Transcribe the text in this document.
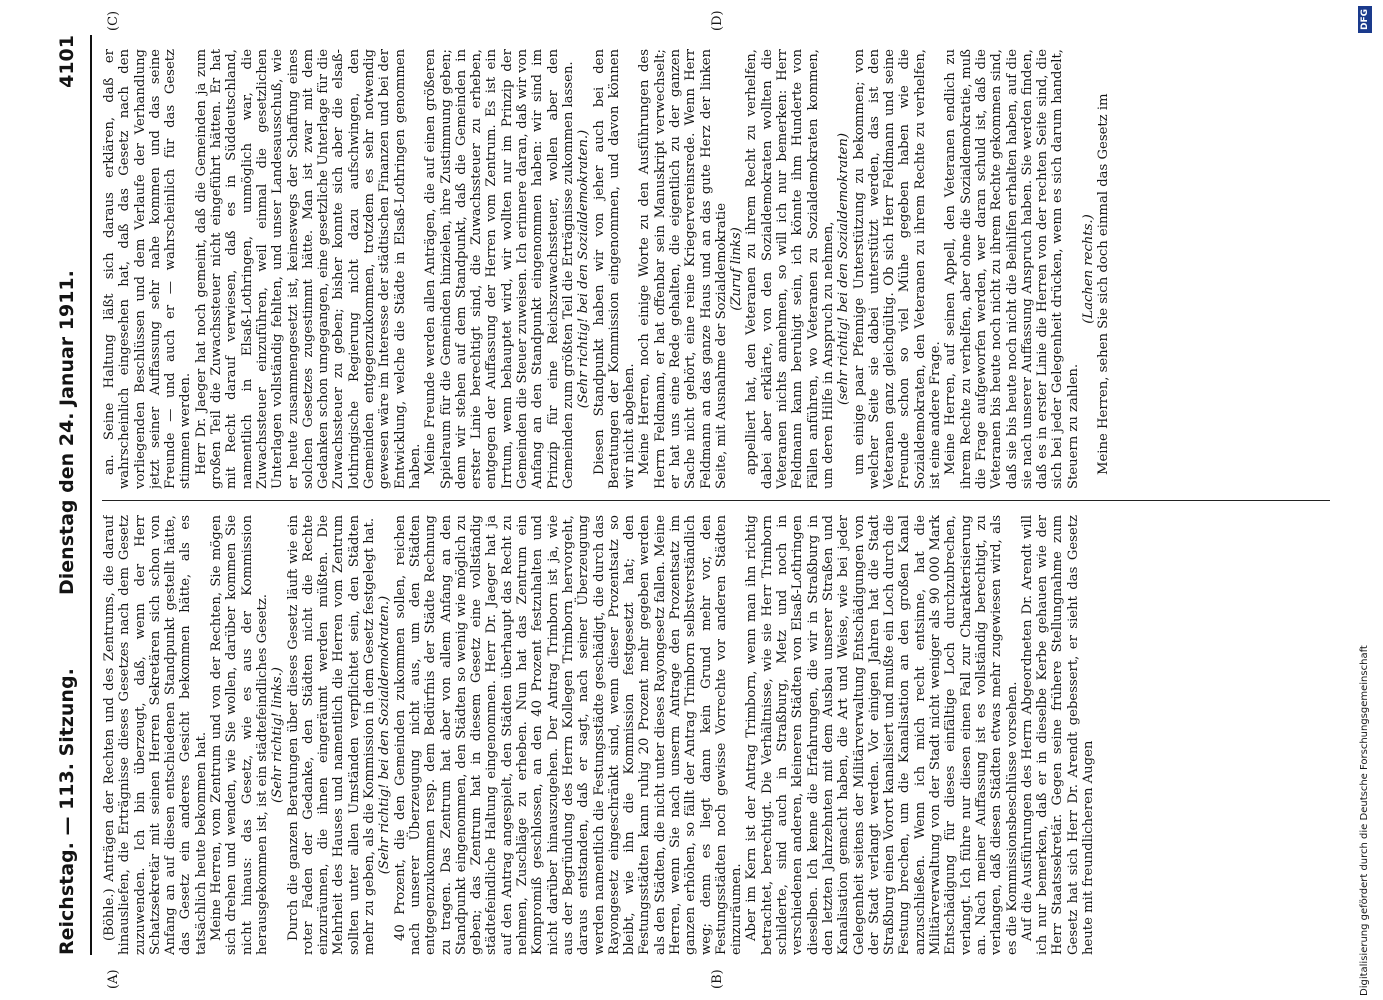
Reichstag. — 113. Sitzung.
Dienstag den 24. Januar 1911.
4101

(Böhle.) Anträgen der Rechten und des Zentrums, die darauf hinausliefen, die Erträgnisse dieses Gesetzes nach dem Gesetz zuzuwenden. Ich bin überzeugt, daß, wenn der Herr Schatzsekretär mit seinen Herren Sekretären sich schon von Anfang an auf diesen entschiedenen Standpunkt gestellt hätte, das Gesetz ein anderes Gesicht bekommen hätte, als es tatsächlich heute bekommen hat. Meine Herren, vom Zentrum und von der Rechten, Sie mögen sich drehen und wenden, wie Sie wollen, darüber kommen Sie nicht hinaus: das Gesetz, wie es aus der Kommission herausgekommen ist, ist ein städtefeindliches Gesetz. (Sehr richtig! links.) Durch die ganzen Beratungen über dieses Gesetz läuft wie ein roter Faden der Gedanke, den Städten nicht die Rechte einzuräumen, die ihnen eingeräumt werden müßten. Die Mehrheit des Hauses und namentlich die Herren vom Zentrum sollten unter allen Umständen verpflichtet sein, den Städten mehr zu geben, als die Kommission in dem Gesetz festgelegt hat. (Sehr richtig! bei den Sozialdemokraten.) 40 Prozent, die den Gemeinden zukommen sollen, reichen nach unserer Überzeugung nicht aus, um den Städten entgegenzukommen resp. dem Bedürfnis der Städte Rechnung zu tragen. Das Zentrum hat aber von allem Anfang an den Standpunkt eingenommen, den Städten so wenig wie möglich zu geben; das Zentrum hat in diesem Gesetz eine vollständig städtefeindliche Haltung eingenommen. Herr Dr. Jaeger hat ja auf den Antrag angespielt, den Städten überhaupt das Recht zu nehmen, Zuschläge zu erheben. Nun hat das Zentrum ein Kompromiß geschlossen, an den 40 Prozent festzuhalten und nicht darüber hinauszugehen. Der Antrag Trimborn ist ja, wie aus der Begründung des Herrn Kollegen Trimborn hervorgeht, daraus entstanden, daß er sagt, nach seiner Überzeugung werden namentlich die Festungsstädte geschädigt, die durch das Rayongesetz eingeschränkt sind, wenn dieser Prozentsatz so bleibt, wie ihn die Kommission festgesetzt hat; den Festungsstädten kann ruhig 20 Prozent mehr gegeben werden als den Städten, die nicht unter dieses Rayongesetz fallen. Meine Herren, wenn Sie nach unserm Antrage den Prozentsatz im ganzen erhöhen, so fällt der Antrag Trimborn selbstverständlich weg; denn es liegt dann kein Grund mehr vor, den Festungsstädten noch gewisse Vorrechte vor anderen Städten einzuräumen. Aber im Kern ist der Antrag Trimborn, wenn man ihn richtig betrachtet, berechtigt. Die Verhältnisse, wie sie Herr Trimborn schilderte, sind auch in Straßburg, Metz und noch in verschiedenen anderen, kleineren Städten von Elsaß-Lothringen dieselben. Ich kenne die Erfahrungen, die wir in Straßburg in den letzten Jahrzehnten mit dem Ausbau unserer Straßen und Kanalisation gemacht haben, die Art und Weise, wie bei jeder Gelegenheit seitens der Militärverwaltung Entschädigungen von der Stadt verlangt werden. Vor einigen Jahren hat die Stadt Straßburg einen Vorort kanalisiert und mußte ein Loch durch die Festung brechen, um die Kanalisation an den großen Kanal anzuschließen. Wenn ich mich recht entsinne, hat die Militärverwaltung von der Stadt nicht weniger als 90 000 Mark Entschädigung für dieses einfältige Loch durchzubrechen, verlangt. Ich führe nur diesen einen Fall zur Charakterisierung an. Nach meiner Auffassung ist es vollständig berechtigt, zu verlangen, daß diesen Städten etwas mehr zugewiesen wird, als es die Kommissionsbeschlüsse vorsehen. Auf die Ausführungen des Herrn Abgeordneten Dr. Arendt will ich nur bemerken, daß er in dieselbe Kerbe gehauen wie der Herr Staatssekretär. Gegen seine frühere Stellungnahme zum Gesetz hat sich Herr Dr. Arendt gebessert, er sieht das Gesetz heute mit freundlicheren Augen

an. Seine Haltung läßt sich daraus erklären, daß er wahrscheinlich eingesehen hat, daß das Gesetz nach den vorliegenden Beschlüssen und dem Verlaufe der Verhandlung jetzt seiner Auffassung sehr nahe kommen und das seine Freunde — und auch er — wahrscheinlich für das Gesetz stimmen werden. Herr Dr. Jaeger hat noch gemeint, daß die Gemeinden ja zum großen Teil die Zuwachssteuer nicht eingeführt hätten. Er hat mit Recht darauf verwiesen, daß es in Süddeutschland, namentlich in Elsaß-Lothringen, unmöglich war, die Zuwachssteuer einzuführen, weil einmal die gesetzlichen Unterlagen vollständig fehlten, und unser Landesausschuß, wie er heute zusammengesetzt ist, keineswegs der Schaffung eines solchen Gesetzes zugestimmt hätte. Man ist zwar mit dem Gedanken schon umgegangen, eine gesetzliche Unterlage für die Zuwachssteuer zu geben; bisher konnte sich aber die elsaß-lothringische Regierung nicht dazu aufschwingen, den Gemeinden entgegenzukommen, trotzdem es sehr notwendig gewesen wäre im Interesse der städtischen Finanzen und bei der Entwicklung, welche die Städte in Elsaß-Lothringen genommen haben. Meine Freunde werden allen Anträgen, die auf einen größeren Spielraum für die Gemeinden hinzielen, ihre Zustimmung geben; denn wir stehen auf dem Standpunkt, daß die Gemeinden in erster Linie berechtigt sind, die Zuwachssteuer zu erheben, entgegen der Auffassung der Herren vom Zentrum. Es ist ein Irrtum, wenn behauptet wird, wir wollten nur im Prinzip der Gemeinden die Steuer zuweisen. Ich erinnere daran, daß wir von Anfang an den Standpunkt eingenommen haben: wir sind im Prinzip für eine Reichszuwachssteuer, wollen aber den Gemeinden zum größten Teil die Erträgnisse zukommen lassen. (Sehr richtig! bei den Sozialdemokraten.) Diesen Standpunkt haben wir von jeher auch bei den Beratungen der Kommission eingenommen, und davon können wir nicht abgehen. Meine Herren, noch einige Worte zu den Ausführungen des Herrn Feldmann, er hat offenbar sein Manuskript verwechselt; er hat uns eine Rede gehalten, die eigentlich zu der ganzen Sache nicht gehört, eine reine Kriegervereinsrede. Wenn Herr Feldmann an das ganze Haus und an das gute Herz der linken Seite, mit Ausnahme der Sozialdemokratie (Zuruf links) appelliert hat, den Veteranen zu ihrem Recht zu verhelfen, dabei aber erklärte, von den Sozialdemokraten wollten die Veteranen nichts annehmen, so will ich nur bemerken: Herr Feldmann kann beruhigt sein, ich könnte ihm Hunderte von Fällen anführen, wo Veteranen zu Sozialdemokraten kommen, um deren Hilfe in Anspruch zu nehmen, (sehr richtig! bei den Sozialdemokraten) um einige paar Pfennige Unterstützung zu bekommen; von welcher Seite sie dabei unterstützt werden, das ist den Veteranen ganz gleichgültig. Ob sich Herr Feldmann und seine Freunde schon so viel Mühe gegeben haben wie die Sozialdemokraten, den Veteranen zu ihrem Rechte zu verhelfen, ist eine andere Frage. Meine Herren, auf seinen Appell, den Veteranen endlich zu ihrem Rechte zu verhelfen, aber ohne die Sozialdemokratie, muß die Frage aufgeworfen werden, wer daran schuld ist, daß die Veteranen bis heute noch nicht zu ihrem Rechte gekommen sind, daß sie bis heute noch nicht die Beihilfen erhalten haben, auf die sie nach unserer Auffassung Anspruch haben. Sie werden finden, daß es in erster Linie die Herren von der rechten Seite sind, die sich bei jeder Gelegenheit drücken, wenn es sich darum handelt, Steuern zu zahlen.

(Lachen rechts.) Meine Herren, sehen Sie sich doch einmal das Gesetz im

(A)	(B)
(C)	(D)
Digitalisierung gefördert durch die Deutsche Forschungsgemeinschaft
DFG
